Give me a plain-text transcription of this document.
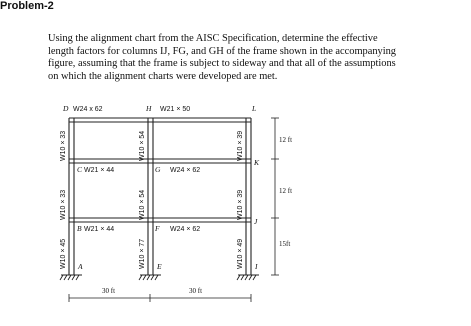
Problem-2
Using the alignment chart from the AISC Specification, determine the effective
length factors for columns IJ, FG, and GH of the frame shown in the accompanying
figure, assuming that the frame is subject to sideway and that all of the assumptions
on which the alignment charts were developed are met.
D	H	L
C	G
K
B	F
J
A	E	I
W24 x 62	W21 × 50
W21 × 44	W24 × 62
W21 × 44	W24 × 62
W10 × 33
W10 × 33
W10 × 45
W10 × 54
W10 × 54
W10 × 77
W10 × 39
W10 × 39
W10 × 49
12 ft
12 ft
15ft
30 ft	30 ft
